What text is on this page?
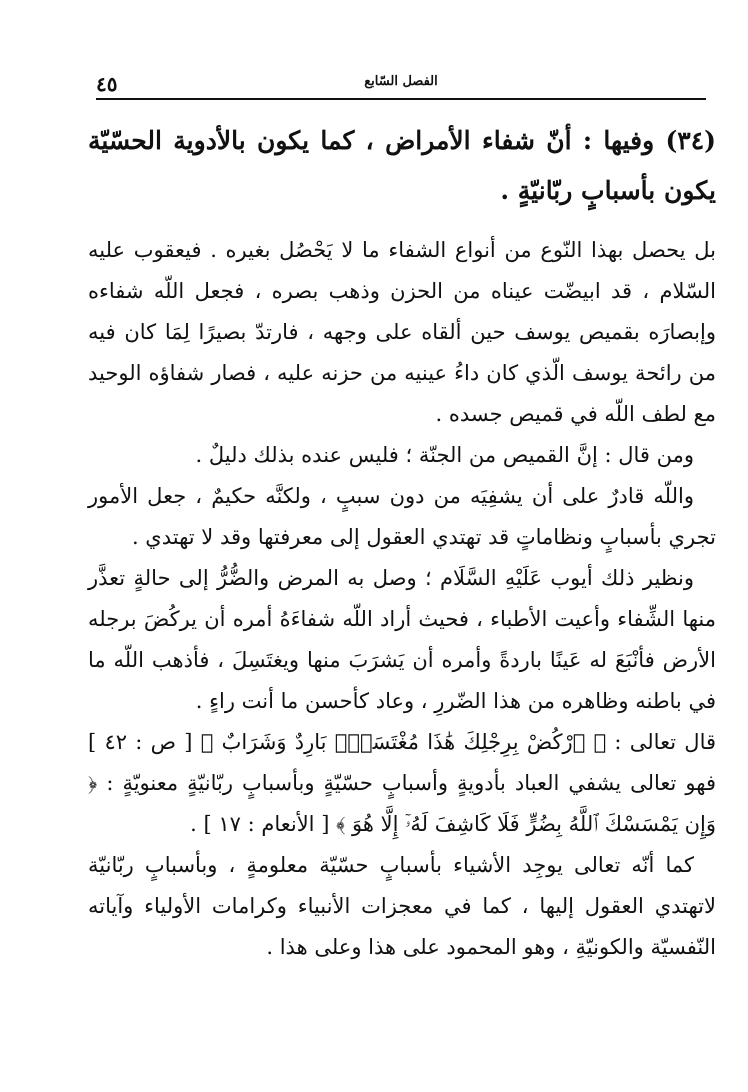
الفصل السّابع
٤٥
(٣٤) وفيها : أنّ شفاء الأمراض ، كما يكون بالأدوية الحسّيّة يكون بأسبابٍ ربّانيّةٍ .

بل يحصل بهذا النّوع من أنواع الشفاء ما لا يَحْصُل بغيره . فيعقوب عليه السّلام ، قد ابيضّت عيناه من الحزن وذهب بصره ، فجعل اللّه شفاءه وإبصارَه بقميص يوسف حين ألقاه على وجهه ، فارتدّ بصيرًا لِمَا كان فيه من رائحة يوسف الّذي كان داءُ عينيه من حزنه عليه ، فصار شفاؤه الوحيد مع لطف اللّه في قميص جسده .

ومن قال : إنَّ القميص من الجنّة ؛ فليس عنده بذلك دليلٌ .

واللّه قادرٌ على أن يشفِيَه من دون سببٍ ، ولكنَّه حكيمٌ ، جعل الأمور تجري بأسبابٍ ونظاماتٍ قد تهتدي العقول إلى معرفتها وقد لا تهتدي .

ونظير ذلك أيوب عَلَيْهِ السَّلَام ؛ وصل به المرض والضُّرُّ إلى حالةٍ تعذَّر منها الشِّفاء وأعيت الأطباء ، فحيث أراد اللّه شفاءَهُ أمره أن يركُضَ برجله الأرض فأنْبَعَ له عَينًا باردةً وأمره أن يَشرَبَ منها ويغتَسِلَ ، فأذهب اللّه ما في باطنه وظاهره من هذا الضّررِ ، وعاد كأحسن ما أنت راءٍ .

قال تعالى : ﴿ ٱرْكُضْ بِرِجْلِكَ هَٰذَا مُغْتَسَلٌۢ بَارِدٌ وَشَرَابٌ ﴾ [ ص : ٤٢ ] فهو تعالى يشفي العباد بأدويةٍ وأسبابٍ حسّيّةٍ وبأسبابٍ ربّانيّةٍ معنويّةٍ : ﴿ وَإِن يَمْسَسْكَ ٱللَّهُ بِضُرٍّ فَلَا كَاشِفَ لَهُۥٓ إِلَّا هُوَ ﴾ [ الأنعام : ١٧ ] .

كما أنّه تعالى يوجِد الأشياء بأسبابٍ حسّيّة معلومةٍ ، وبأسبابٍ ربّانيّة لاتهتدي العقول إليها ، كما في معجزات الأنبياء وكرامات الأولياء وآياته النّفسيّة والكونيّةِ ، وهو المحمود على هذا وعلى هذا .
